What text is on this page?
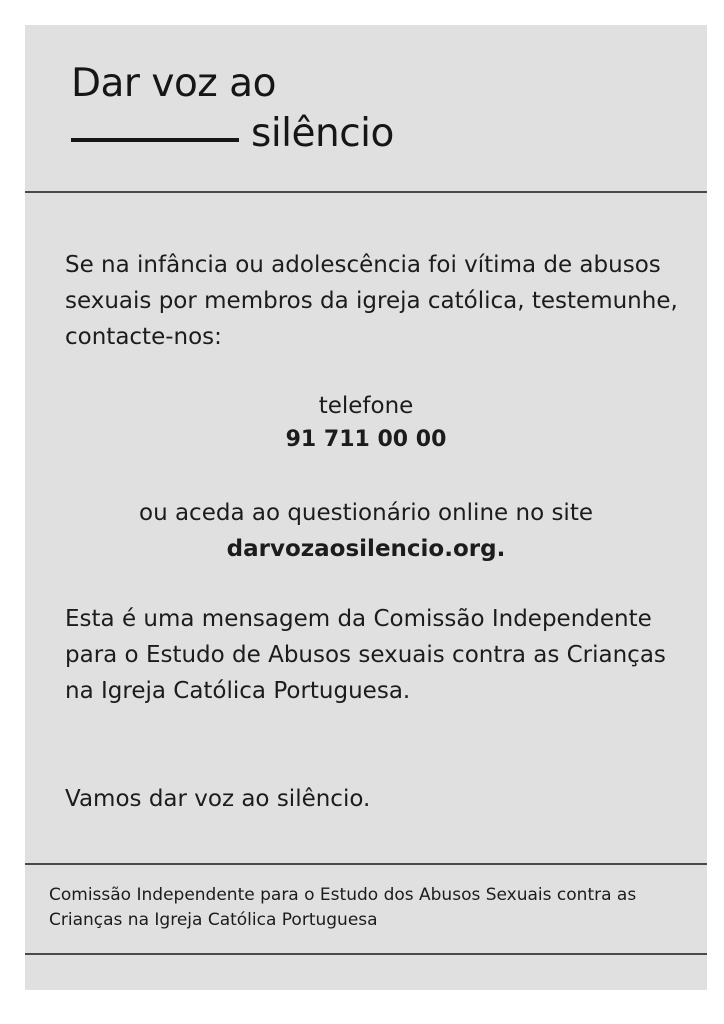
Dar voz ao
silêncio
Se na infância ou adolescência foi vítima de abusos sexuais por membros da igreja católica, testemunhe, contacte-nos:
telefone
91 711 00 00
ou aceda ao questionário online no site
darvozaosilencio.org.
Esta é uma mensagem da Comissão Independente para o Estudo de Abusos sexuais contra as Crianças na Igreja Católica Portuguesa.
Vamos dar voz ao silêncio.
Comissão Independente para o Estudo dos Abusos Sexuais contra as Crianças na Igreja Católica Portuguesa
